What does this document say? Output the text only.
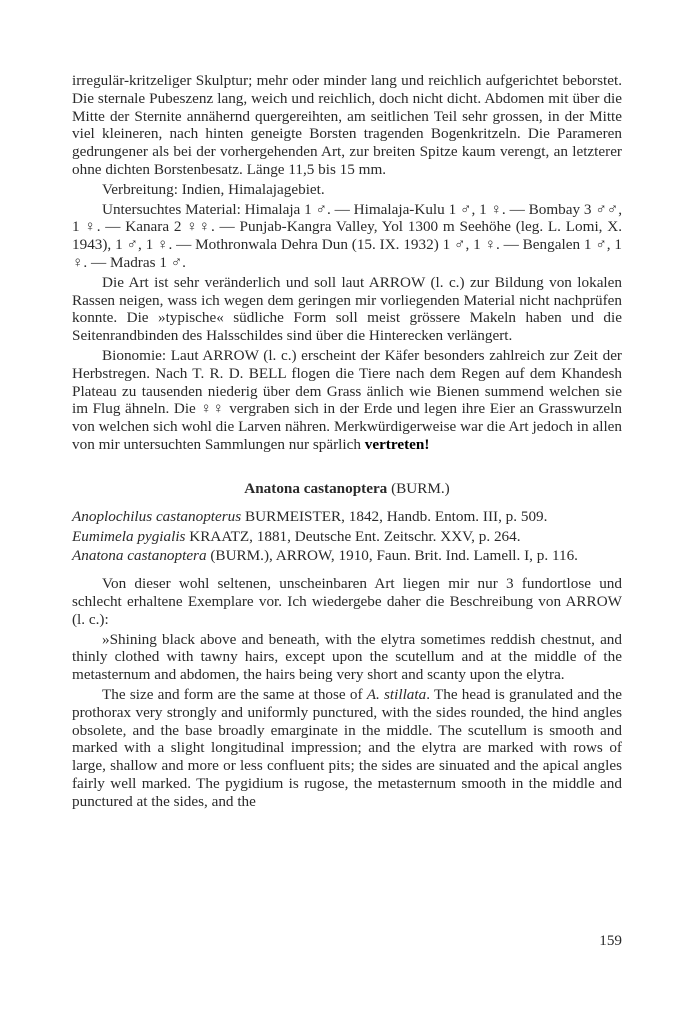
irregulär-kritzeliger Skulptur; mehr oder minder lang und reichlich aufgerichtet beborstet. Die sternale Pubeszenz lang, weich und reichlich, doch nicht dicht. Abdomen mit über die Mitte der Sternite annähernd quergereihten, am seitlichen Teil sehr grossen, in der Mitte viel kleineren, nach hinten geneigte Borsten tragenden Bogenkritzeln. Die Parameren gedrungener als bei der vorhergehenden Art, zur breiten Spitze kaum verengt, an letzterer ohne dichten Borstenbesatz. Länge 11,5 bis 15 mm.

Verbreitung: Indien, Himalajagebiet.

Untersuchtes Material: Himalaja 1 ♂. — Himalaja-Kulu 1 ♂, 1 ♀. — Bombay 3 ♂♂, 1 ♀. — Kanara 2 ♀♀. — Punjab-Kangra Valley, Yol 1300 m Seehöhe (leg. L. Lomi, X. 1943), 1 ♂, 1 ♀. — Mothronwala Dehra Dun (15. IX. 1932) 1 ♂, 1 ♀. — Bengalen 1 ♂, 1 ♀. — Madras 1 ♂.

Die Art ist sehr veränderlich und soll laut ARROW (l. c.) zur Bildung von lokalen Rassen neigen, wass ich wegen dem geringen mir vorliegenden Material nicht nachprüfen konnte. Die »typische« südliche Form soll meist grössere Makeln haben und die Seitenrandbinden des Halsschildes sind über die Hinterecken verlängert.

Bionomie: Laut ARROW (l. c.) erscheint der Käfer besonders zahlreich zur Zeit der Herbstregen. Nach T. R. D. BELL flogen die Tiere nach dem Regen auf dem Khandesh Plateau zu tausenden niederig über dem Grass änlich wie Bienen summend welchen sie im Flug ähneln. Die ♀♀ vergraben sich in der Erde und legen ihre Eier an Grasswurzeln von welchen sich wohl die Larven nähren. Merkwürdigerweise war die Art jedoch in allen von mir untersuchten Sammlungen nur spärlich vertreten!

Anatona castanoptera (BURM.)

Anoplochilus castanopterus BURMEISTER, 1842, Handb. Entom. III, p. 509.

Eumimela pygialis KRAATZ, 1881, Deutsche Ent. Zeitschr. XXV, p. 264.

Anatona castanoptera (BURM.), ARROW, 1910, Faun. Brit. Ind. Lamell. I, p. 116.

Von dieser wohl seltenen, unscheinbaren Art liegen mir nur 3 fundortlose und schlecht erhaltene Exemplare vor. Ich wiedergebe daher die Beschreibung von ARROW (l. c.):

»Shining black above and beneath, with the elytra sometimes reddish chestnut, and thinly clothed with tawny hairs, except upon the scutellum and at the middle of the metasternum and abdomen, the hairs being very short and scanty upon the elytra.

The size and form are the same at those of A. stillata. The head is granulated and the prothorax very strongly and uniformly punctured, with the sides rounded, the hind angles obsolete, and the base broadly emarginate in the middle. The scutellum is smooth and marked with a slight longitudinal impression; and the elytra are marked with rows of large, shallow and more or less confluent pits; the sides are sinuated and the apical angles fairly well marked. The pygidium is rugose, the metasternum smooth in the middle and punctured at the sides, and the

159
